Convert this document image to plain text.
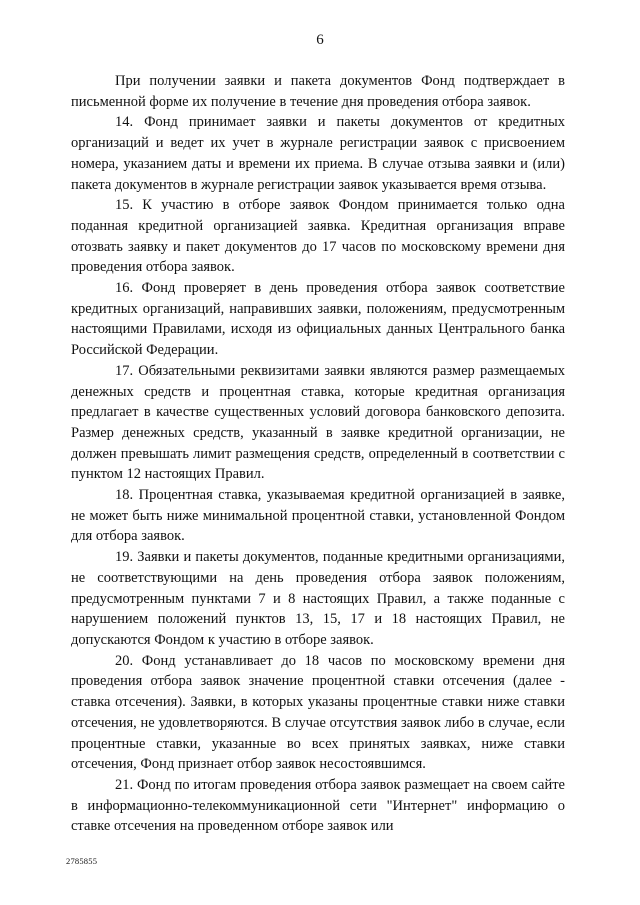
6

При получении заявки и пакета документов Фонд подтверждает в письменной форме их получение в течение дня проведения отбора заявок.

14. Фонд принимает заявки и пакеты документов от кредитных организаций и ведет их учет в журнале регистрации заявок с присвоением номера, указанием даты и времени их приема. В случае отзыва заявки и (или) пакета документов в журнале регистрации заявок указывается время отзыва.

15. К участию в отборе заявок Фондом принимается только одна поданная кредитной организацией заявка. Кредитная организация вправе отозвать заявку и пакет документов до 17 часов по московскому времени дня проведения отбора заявок.

16. Фонд проверяет в день проведения отбора заявок соответствие кредитных организаций, направивших заявки, положениям, предусмотренным настоящими Правилами, исходя из официальных данных Центрального банка Российской Федерации.

17. Обязательными реквизитами заявки являются размер размещаемых денежных средств и процентная ставка, которые кредитная организация предлагает в качестве существенных условий договора банковского депозита. Размер денежных средств, указанный в заявке кредитной организации, не должен превышать лимит размещения средств, определенный в соответствии с пунктом 12 настоящих Правил.

18. Процентная ставка, указываемая кредитной организацией в заявке, не может быть ниже минимальной процентной ставки, установленной Фондом для отбора заявок.

19. Заявки и пакеты документов, поданные кредитными организациями, не соответствующими на день проведения отбора заявок положениям, предусмотренным пунктами 7 и 8 настоящих Правил, а также поданные с нарушением положений пунктов 13, 15, 17 и 18 настоящих Правил, не допускаются Фондом к участию в отборе заявок.

20. Фонд устанавливает до 18 часов по московскому времени дня проведения отбора заявок значение процентной ставки отсечения (далее - ставка отсечения). Заявки, в которых указаны процентные ставки ниже ставки отсечения, не удовлетворяются. В случае отсутствия заявок либо в случае, если процентные ставки, указанные во всех принятых заявках, ниже ставки отсечения, Фонд признает отбор заявок несостоявшимся.

21. Фонд по итогам проведения отбора заявок размещает на своем сайте в информационно-телекоммуникационной сети "Интернет" информацию о ставке отсечения на проведенном отборе заявок или

2785855
